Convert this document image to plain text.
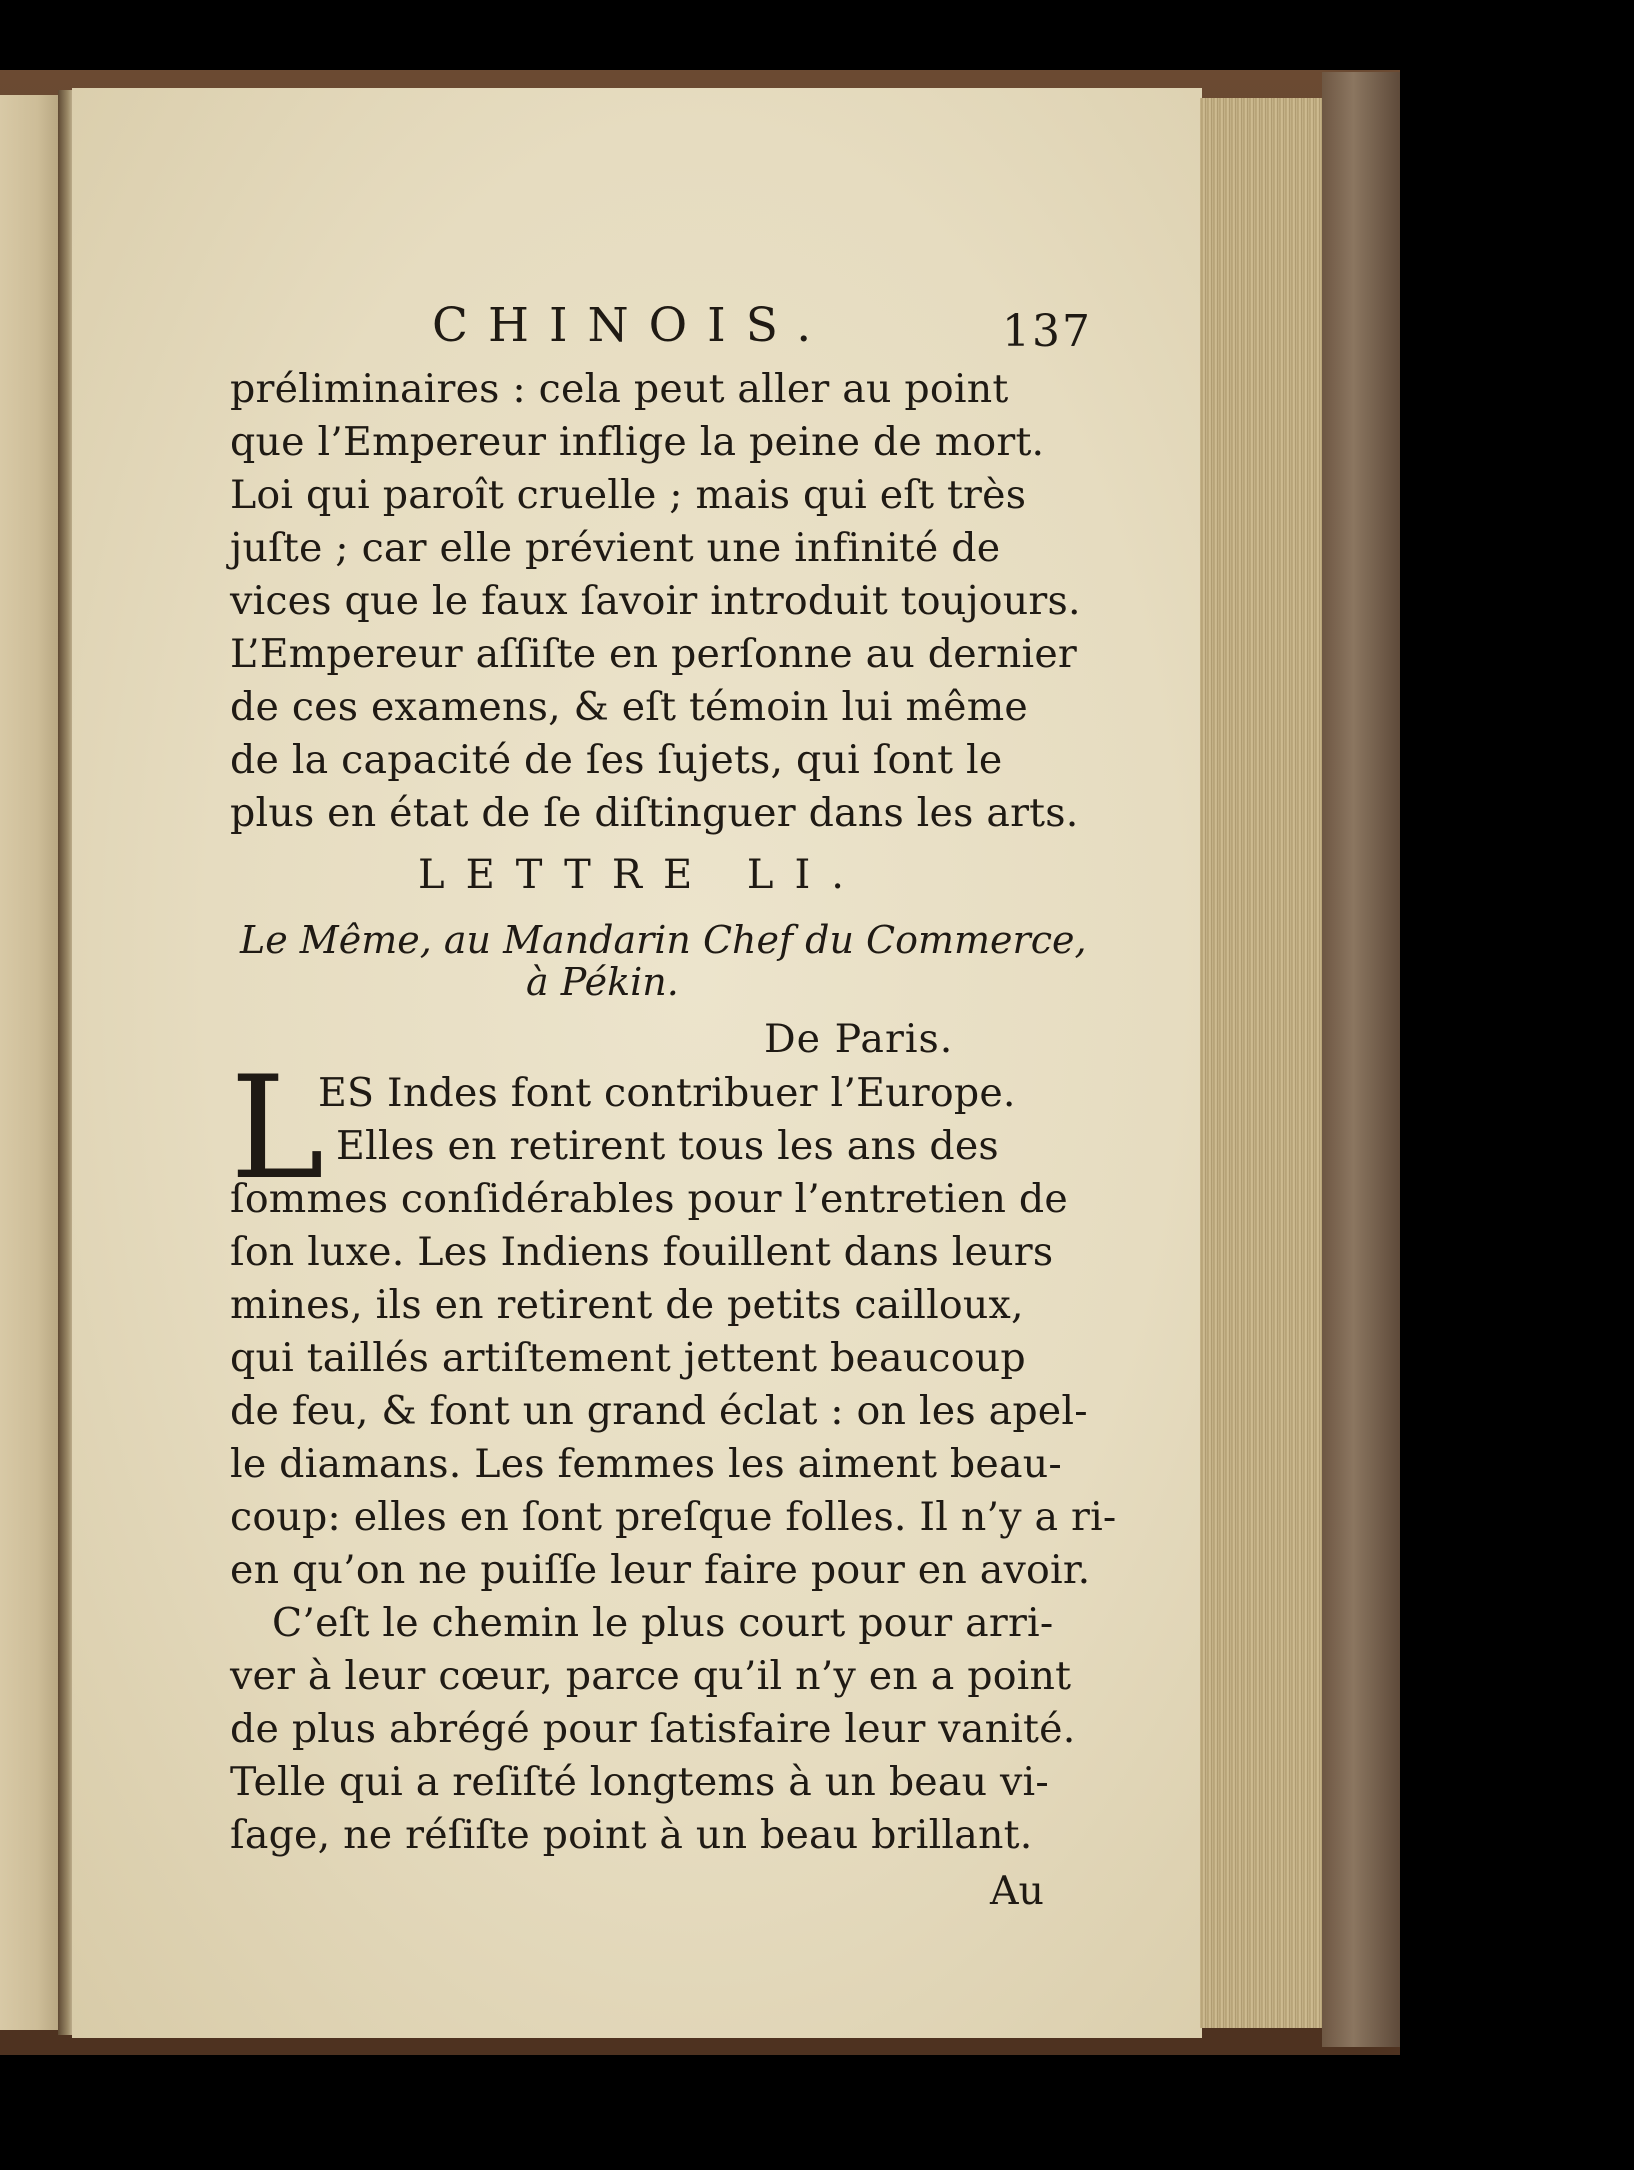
CHINOIS.	137
préliminaires : cela peut aller au point
que l’Empereur inflige la peine de mort.
Loi qui paroît cruelle ; mais qui eſt très
juſte ; car elle prévient une infinité de
vices que le faux ſavoir introduit toujours.
L’Empereur aſſiſte en perſonne au dernier
de ces examens, & eſt témoin lui même
de la capacité de ſes ſujets, qui ſont le
plus en état de ſe diſtinguer dans les arts.
LETTRE LI.
Le Même, au Mandarin Chef du Commerce,
à Pékin.
De Paris.
L
ES Indes font contribuer l’Europe.
Elles en retirent tous les ans des
ſommes conſidérables pour l’entretien de
ſon luxe. Les Indiens fouillent dans leurs
mines, ils en retirent de petits cailloux,
qui taillés artiſtement jettent beaucoup
de feu, & font un grand éclat : on les apel-
le diamans. Les femmes les aiment beau-
coup: elles en ſont preſque folles. Il n’y a ri-
en qu’on ne puiſſe leur faire pour en avoir.
C’eſt le chemin le plus court pour arri-
ver à leur cœur, parce qu’il n’y en a point
de plus abrégé pour ſatisfaire leur vanité.
Telle qui a reſiſté longtems à un beau vi-
ſage, ne réſiſte point à un beau brillant.
Au
